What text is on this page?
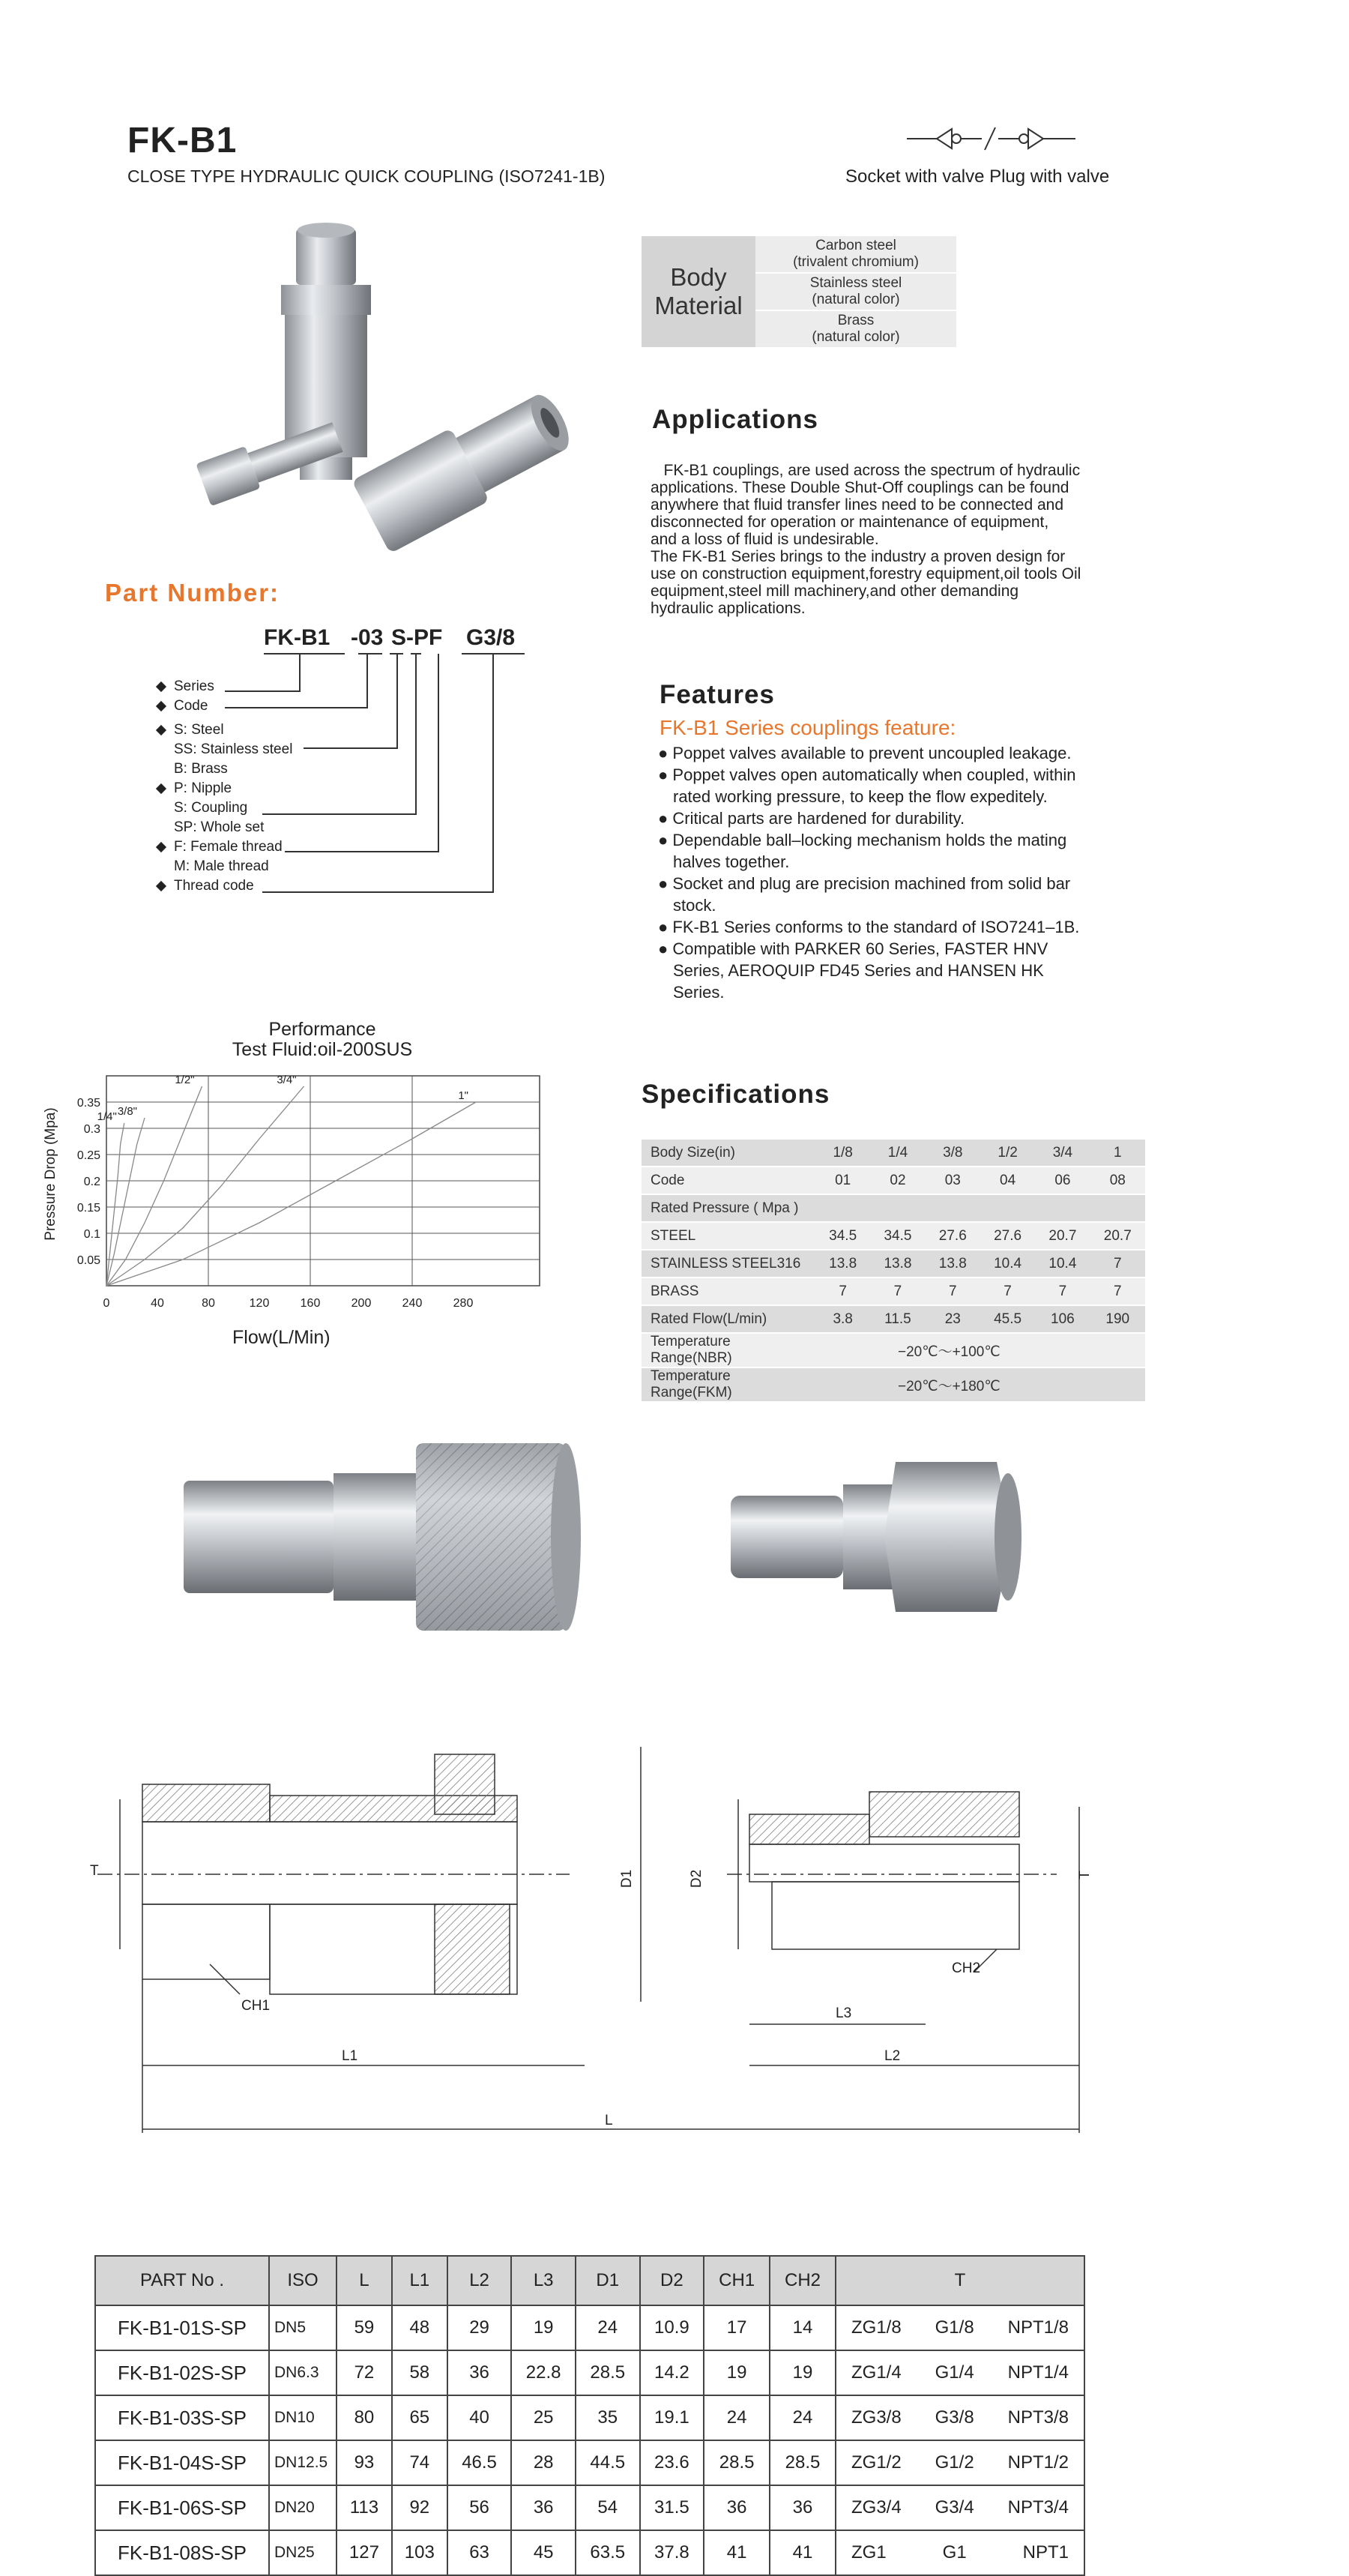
FK-B1
CLOSE TYPE HYDRAULIC QUICK COUPLING (ISO7241-1B)	Socket with valve Plug with valve
Body Material
Carbon steel
(trivalent chromium)
Stainless steel
(natural color)
Brass
(natural color)
Applications

FK-B1 couplings, are used across the spectrum of hydraulic
applications. These Double Shut-Off couplings can be found
anywhere that fluid transfer lines need to be connected and
disconnected for operation or maintenance of equipment,
and a loss of fluid is undesirable.
The FK-B1 Series brings to the industry a proven design for
use on construction equipment,forestry equipment,oil tools Oil
equipment,steel mill machinery,and other demanding
hydraulic applications.

Part Number:
FK-B1 -03 S-PF G3/8
Series
Code
S: Steel
SS: Stainless steel
B: Brass
P: Nipple
S: Coupling
SP: Whole set
F: Female thread
M: Male thread
Thread code
Features
FK-B1 Series couplings feature:
● Poppet valves available to prevent uncoupled leakage.
● Poppet valves open automatically when coupled, within
rated working pressure, to keep the flow expeditely.
● Critical parts are hardened for durability.
● Dependable ball–locking mechanism holds the mating
halves together.
● Socket and plug are precision machined from solid bar
stock.
● FK-B1 Series conforms to the standard of ISO7241–1B.
● Compatible with PARKER 60 Series, FASTER HNV
Series, AEROQUIP FD45 Series and HANSEN HK
Series.
Performance
Test Fluid:oil-200SUS
0.05
0.1
0.15
0.2
0.25
0.3
0.35
0	40	80	120	160	200	240	280
1/4" 3/8"
1/2"	3/4"
1"
Flow(L/Min)
Pressure Drop (Mpa)
Specifications
Body Size(in)	1/8	1/4	3/8	1/2	3/4	1
Code	01	02	03	04	06	08
Rated Pressure ( Mpa )						
STEEL	34.5	34.5	27.6	27.6	20.7	20.7
STAINLESS STEEL316	13.8	13.8	13.8	10.4	10.4	7
BRASS	7	7	7	7	7	7
Rated Flow(L/min)	3.8	11.5	23	45.5	106	190
Temperature Range(NBR)	−20℃～+100℃					
Temperature Range(FKM)	−20℃～+180℃					
T	D1
CH1
L1
L
D2
CH2
L3
L2
T
PART No .	ISO	L	L1	L2	L3	D1	D2	CH1	CH2	T
FK-B1-01S-SP	DN5	59	48	29	19	24	10.9	17	14	ZG1/8 G1/8 NPT1/8

FK-B1-02S-SP	DN6.3	72	58	36	22.8	28.5	14.2	19	19	ZG1/4 G1/4 NPT1/4

FK-B1-03S-SP	DN10	80	65	40	25	35	19.1	24	24	ZG3/8 G3/8 NPT3/8

FK-B1-04S-SP	DN12.5	93	74	46.5	28	44.5	23.6	28.5	28.5	ZG1/2 G1/2 NPT1/2

FK-B1-06S-SP	DN20	113	92	56	36	54	31.5	36	36	ZG3/4 G3/4 NPT3/4

FK-B1-08S-SP	DN25	127	103	63	45	63.5	37.8	41	41	ZG1 G1 NPT1
